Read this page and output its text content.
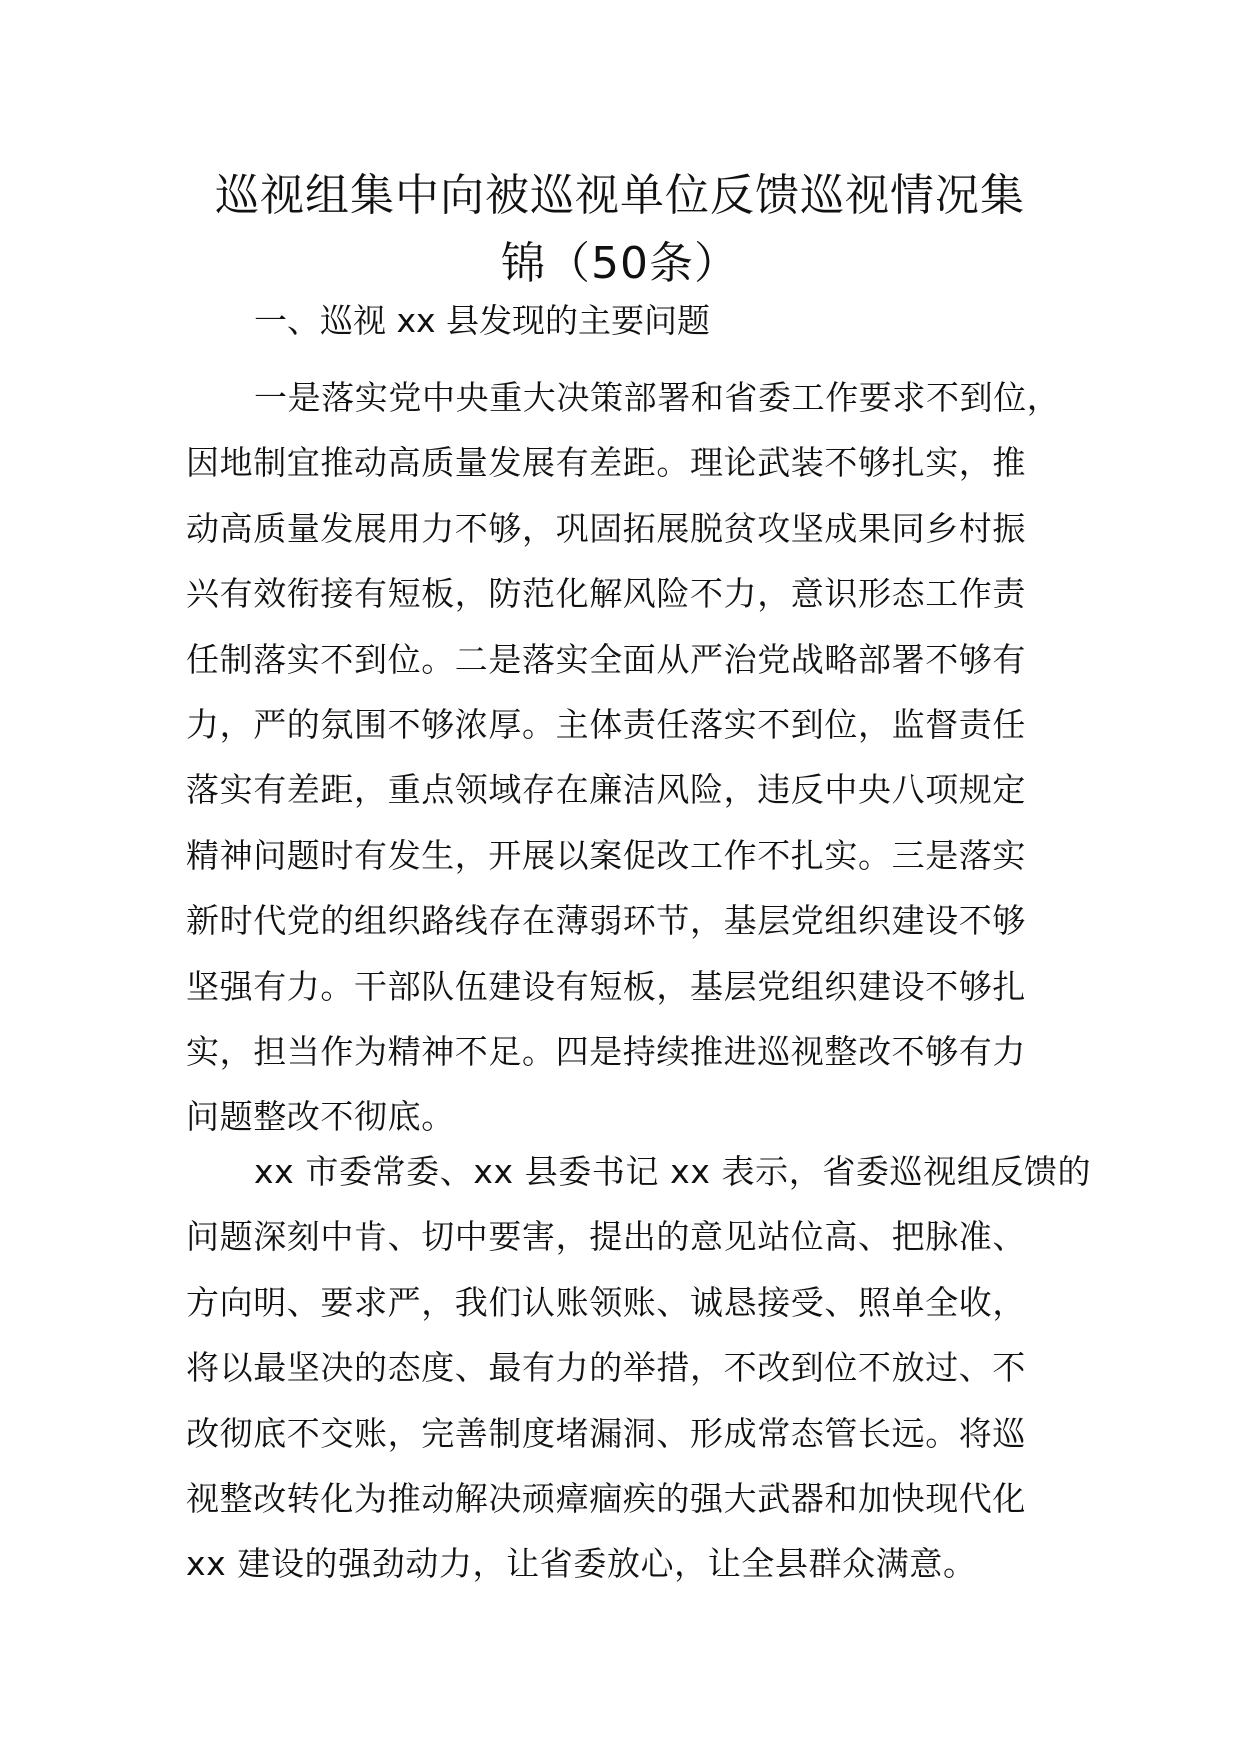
巡视组集中向被巡视单位反馈巡视情况集
锦（50条）
一、巡视 xx 县发现的主要问题
一是落实党中央重大决策部署和省委工作要求不到位，
因地制宜推动高质量发展有差距。理论武装不够扎实，推
动高质量发展用力不够，巩固拓展脱贫攻坚成果同乡村振
兴有效衔接有短板，防范化解风险不力，意识形态工作责
任制落实不到位。二是落实全面从严治党战略部署不够有
力，严的氛围不够浓厚。主体责任落实不到位，监督责任
落实有差距，重点领域存在廉洁风险，违反中央八项规定
精神问题时有发生，开展以案促改工作不扎实。三是落实
新时代党的组织路线存在薄弱环节，基层党组织建设不够
坚强有力。干部队伍建设有短板，基层党组织建设不够扎
实，担当作为精神不足。四是持续推进巡视整改不够有力
问题整改不彻底。
xx 市委常委、xx 县委书记 xx 表示，省委巡视组反馈的
问题深刻中肯、切中要害，提出的意见站位高、把脉准、
方向明、要求严，我们认账领账、诚恳接受、照单全收，
将以最坚决的态度、最有力的举措，不改到位不放过、不
改彻底不交账，完善制度堵漏洞、形成常态管长远。将巡
视整改转化为推动解决顽瘴痼疾的强大武器和加快现代化
xx 建设的强劲动力，让省委放心，让全县群众满意。
